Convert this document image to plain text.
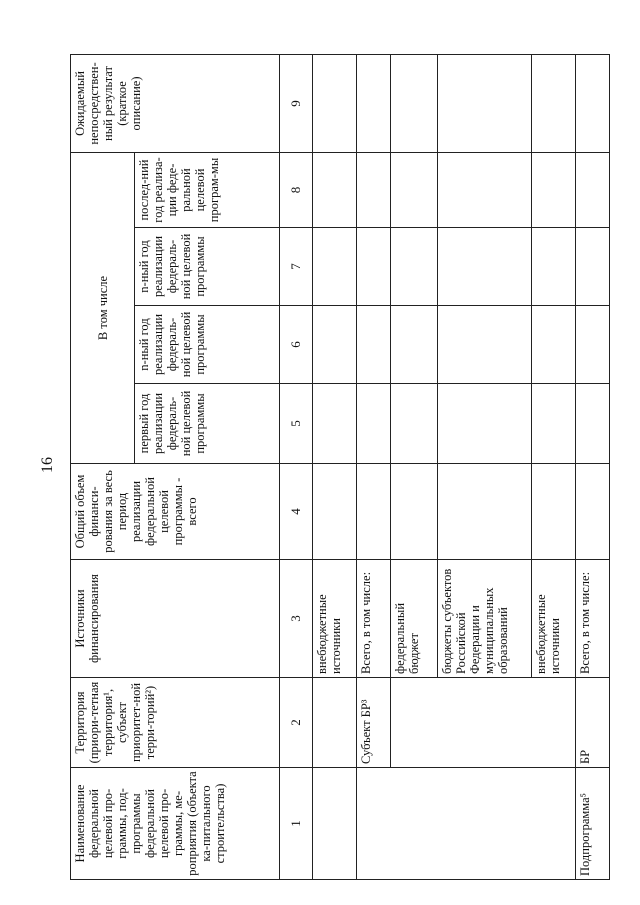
16
Наименование федеральной целевой про-граммы, под-программы федеральной целевой про-граммы, ме-роприятия (объекта ка-питального строительства)	Территория (приори-тетная территория¹, субъект приоритет-ной терри-торий²)	Источники финансирования	Общий объем финанси-рования за весь период реализации федеральной целевой программы - всего	В том числе				Ожидаемый непосредствен-ный результат (краткое описание)
				первый год реализации федераль-ной целевой программы	n-ный год реализации федераль-ной целевой программы	n-ный год реализации федераль-ной целевой программы	послед-ний год реализа-ции феде-ральной целевой програм-мы	
1	2	3	4	5	6	7	8	9
		внебюджетные источники						
	Субъект БР³	Всего, в том числе:						
		федеральный бюджет						
		бюджеты субъектов Российской Федерации и муниципальных образований						
		внебюджетные источники						
Подпрограмма⁵	БР	Всего, в том числе:						
